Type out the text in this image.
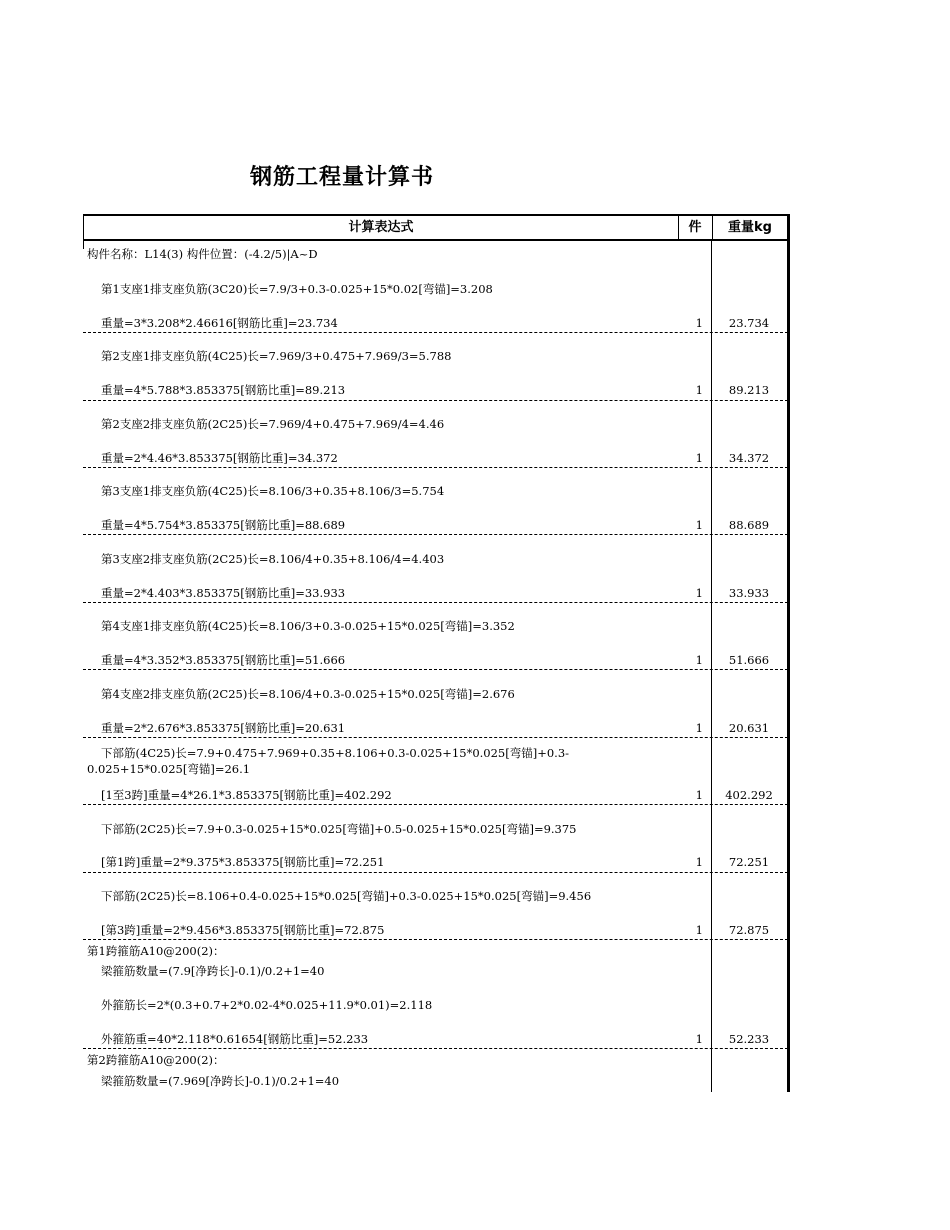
钢筋工程量计算书
计算表达式	件	重量kg
构件名称：L14(3) 构件位置：(-4.2/5)|A~D
第1支座1排支座负筋(3C20)长=7.9/3+0.3-0.025+15*0.02[弯锚]=3.208
重量=3*3.208*2.46616[钢筋比重]=23.734	1	23.734
第2支座1排支座负筋(4C25)长=7.969/3+0.475+7.969/3=5.788
重量=4*5.788*3.853375[钢筋比重]=89.213	1	89.213
第2支座2排支座负筋(2C25)长=7.969/4+0.475+7.969/4=4.46
重量=2*4.46*3.853375[钢筋比重]=34.372	1	34.372
第3支座1排支座负筋(4C25)长=8.106/3+0.35+8.106/3=5.754
重量=4*5.754*3.853375[钢筋比重]=88.689	1	88.689
第3支座2排支座负筋(2C25)长=8.106/4+0.35+8.106/4=4.403
重量=2*4.403*3.853375[钢筋比重]=33.933	1	33.933
第4支座1排支座负筋(4C25)长=8.106/3+0.3-0.025+15*0.025[弯锚]=3.352
重量=4*3.352*3.853375[钢筋比重]=51.666	1	51.666
第4支座2排支座负筋(2C25)长=8.106/4+0.3-0.025+15*0.025[弯锚]=2.676
重量=2*2.676*3.853375[钢筋比重]=20.631	1	20.631
下部筋(4C25)长=7.9+0.475+7.969+0.35+8.106+0.3-0.025+15*0.025[弯锚]+0.3-
0.025+15*0.025[弯锚]=26.1
[1至3跨]重量=4*26.1*3.853375[钢筋比重]=402.292	1	402.292
下部筋(2C25)长=7.9+0.3-0.025+15*0.025[弯锚]+0.5-0.025+15*0.025[弯锚]=9.375
[第1跨]重量=2*9.375*3.853375[钢筋比重]=72.251	1	72.251
下部筋(2C25)长=8.106+0.4-0.025+15*0.025[弯锚]+0.3-0.025+15*0.025[弯锚]=9.456
[第3跨]重量=2*9.456*3.853375[钢筋比重]=72.875	1	72.875
第1跨箍筋A10@200(2)：
梁箍筋数量=(7.9[净跨长]-0.1)/0.2+1=40
外箍筋长=2*(0.3+0.7+2*0.02-4*0.025+11.9*0.01)=2.118
外箍筋重=40*2.118*0.61654[钢筋比重]=52.233	1	52.233
第2跨箍筋A10@200(2)：
梁箍筋数量=(7.969[净跨长]-0.1)/0.2+1=40
